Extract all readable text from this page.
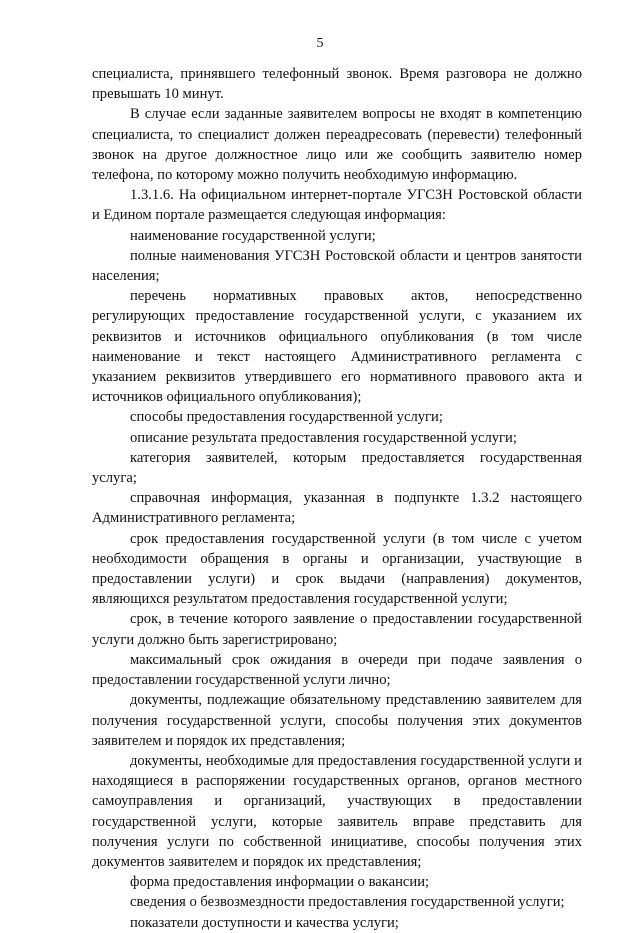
5

специалиста, принявшего телефонный звонок. Время разговора не должно превышать 10 минут.

В случае если заданные заявителем вопросы не входят в компетенцию специалиста, то специалист должен переадресовать (перевести) телефонный звонок на другое должностное лицо или же сообщить заявителю номер телефона, по которому можно получить необходимую информацию.

1.3.1.6. На официальном интернет-портале УГСЗН Ростовской области и Едином портале размещается следующая информация:

наименование государственной услуги;

полные наименования УГСЗН Ростовской области и центров занятости населения;

перечень нормативных правовых актов, непосредственно регулирующих предоставление государственной услуги, с указанием их реквизитов и источников официального опубликования (в том числе наименование и текст настоящего Административного регламента с указанием реквизитов утвердившего его нормативного правового акта и источников официального опубликования);

способы предоставления государственной услуги;

описание результата предоставления государственной услуги;

категория заявителей, которым предоставляется государственная услуга;

справочная информация, указанная в подпункте 1.3.2 настоящего Административного регламента;

срок предоставления государственной услуги (в том числе с учетом необходимости обращения в органы и организации, участвующие в предоставлении услуги) и срок выдачи (направления) документов, являющихся результатом предоставления государственной услуги;

срок, в течение которого заявление о предоставлении государственной услуги должно быть зарегистрировано;

максимальный срок ожидания в очереди при подаче заявления о предоставлении государственной услуги лично;

документы, подлежащие обязательному представлению заявителем для получения государственной услуги, способы получения этих документов заявителем и порядок их представления;

документы, необходимые для предоставления государственной услуги и находящиеся в распоряжении государственных органов, органов местного самоуправления и организаций, участвующих в предоставлении государственной услуги, которые заявитель вправе представить для получения услуги по собственной инициативе, способы получения этих документов заявителем и порядок их представления;

форма предоставления информации о вакансии;

сведения о безвозмездности предоставления государственной услуги;

показатели доступности и качества услуги;
